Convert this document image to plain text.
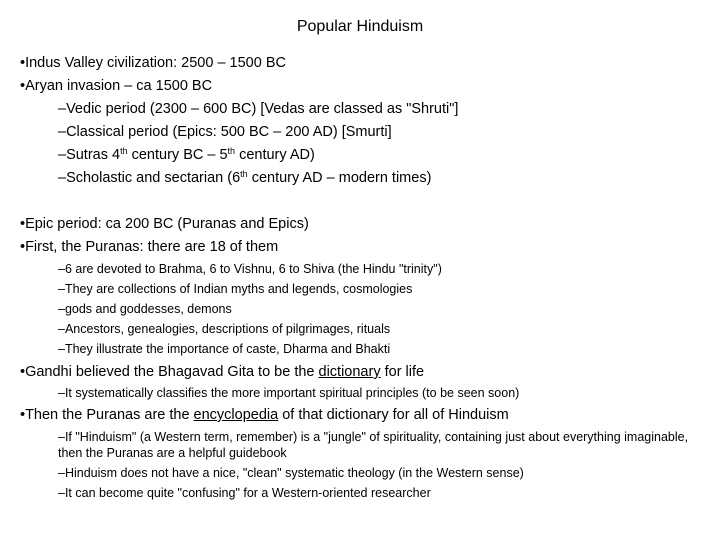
Popular Hinduism
•Indus Valley civilization: 2500 – 1500 BC
•Aryan invasion – ca 1500 BC
–Vedic period (2300 – 600 BC) [Vedas are classed as "Shruti"]
–Classical period (Epics: 500 BC – 200 AD) [Smurti]
–Sutras 4th century BC – 5th century AD)
–Scholastic and sectarian (6th century AD – modern times)
•Epic period: ca 200 BC (Puranas and Epics)
•First, the Puranas: there are 18 of them
–6 are devoted to Brahma, 6 to Vishnu, 6 to Shiva (the Hindu "trinity")
–They are collections of Indian myths and legends, cosmologies
–gods and goddesses, demons
–Ancestors, genealogies, descriptions of pilgrimages, rituals
–They illustrate the importance of caste, Dharma and Bhakti
•Gandhi believed the Bhagavad Gita to be the dictionary for life
–It systematically classifies the more important spiritual principles (to be seen soon)
•Then the Puranas are the encyclopedia of that dictionary for all of Hinduism
–If "Hinduism" (a Western term, remember) is a "jungle" of spirituality, containing just about everything imaginable, then the Puranas are a helpful guidebook
–Hinduism does not have a nice, "clean" systematic theology (in the Western sense)
–It can become quite "confusing" for a Western-oriented researcher
